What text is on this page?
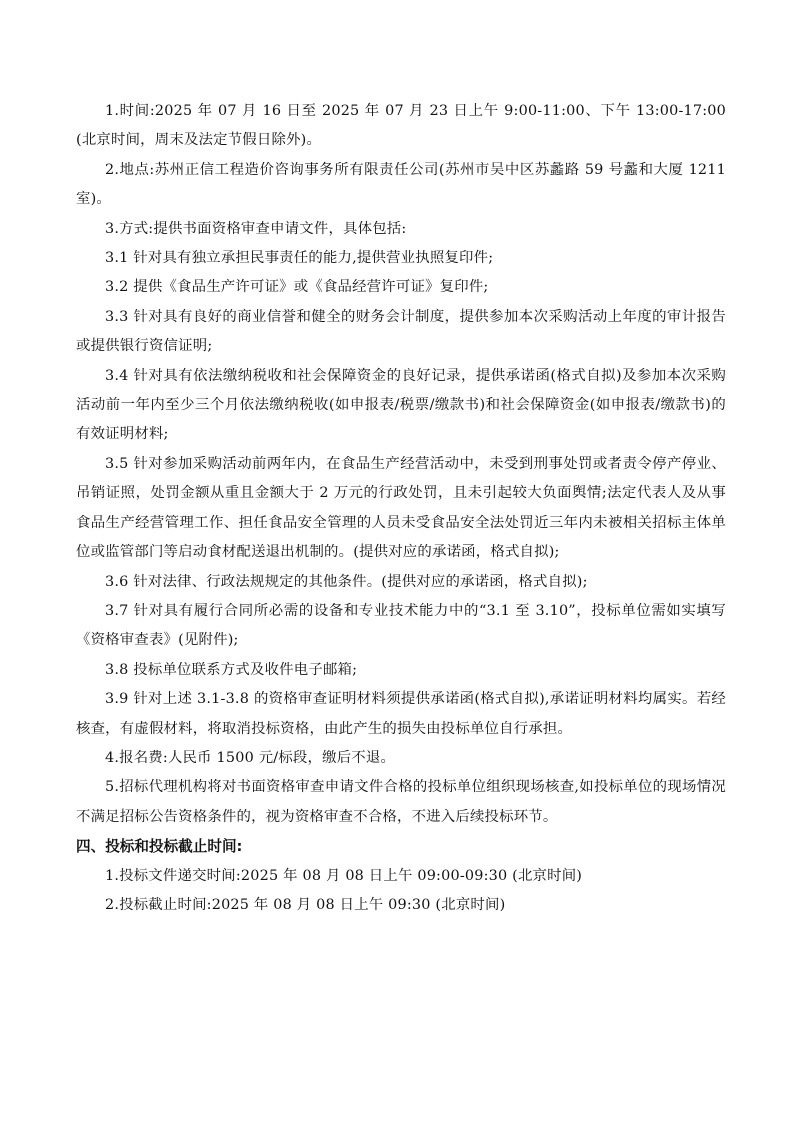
1.时间:2025 年 07 月 16 日至 2025 年 07 月 23 日上午 9:00-11:00、下午 13:00-17:00(北京时间，周末及法定节假日除外)。

2.地点:苏州正信工程造价咨询事务所有限责任公司(苏州市吴中区苏蠡路 59 号蠡和大厦 1211 室)。

3.方式:提供书面资格审查申请文件，具体包括:

3.1 针对具有独立承担民事责任的能力,提供营业执照复印件;

3.2 提供《食品生产许可证》或《食品经营许可证》复印件;

3.3 针对具有良好的商业信誉和健全的财务会计制度，提供参加本次采购活动上年度的审计报告或提供银行资信证明;

3.4 针对具有依法缴纳税收和社会保障资金的良好记录，提供承诺函(格式自拟)及参加本次采购活动前一年内至少三个月依法缴纳税收(如申报表/税票/缴款书)和社会保障资金(如申报表/缴款书)的有效证明材料;

3.5 针对参加采购活动前两年内，在食品生产经营活动中，未受到刑事处罚或者责令停产停业、吊销证照，处罚金额从重且金额大于 2 万元的行政处罚，且未引起较大负面舆情;法定代表人及从事食品生产经营管理工作、担任食品安全管理的人员未受食品安全法处罚近三年内未被相关招标主体单位或监管部门等启动食材配送退出机制的。(提供对应的承诺函，格式自拟);

3.6 针对法律、行政法规规定的其他条件。(提供对应的承诺函，格式自拟);

3.7 针对具有履行合同所必需的设备和专业技术能力中的“3.1 至 3.10”，投标单位需如实填写《资格审查表》(见附件);

3.8 投标单位联系方式及收件电子邮箱;

3.9 针对上述 3.1-3.8 的资格审查证明材料须提供承诺函(格式自拟),承诺证明材料均属实。若经核查，有虚假材料，将取消投标资格，由此产生的损失由投标单位自行承担。

4.报名费:人民币 1500 元/标段，缴后不退。

5.招标代理机构将对书面资格审查申请文件合格的投标单位组织现场核查,如投标单位的现场情况不满足招标公告资格条件的，视为资格审查不合格，不进入后续投标环节。

四、投标和投标截止时间:

1.投标文件递交时间:2025 年 08 月 08 日上午 09:00-09:30 (北京时间)

2.投标截止时间:2025 年 08 月 08 日上午 09:30 (北京时间)
